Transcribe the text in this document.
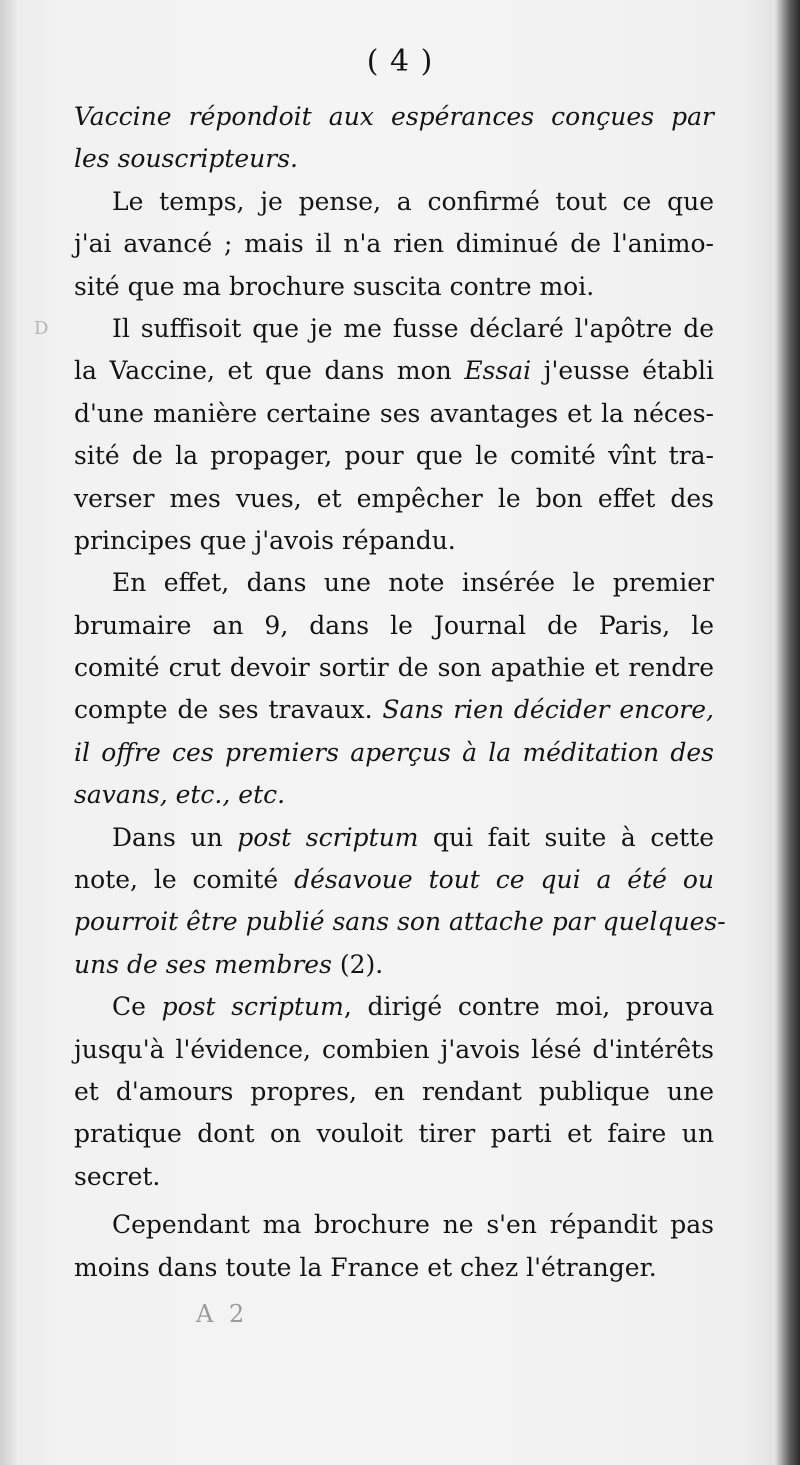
( 4 )
D
Vaccine répondoit aux espérances conçues par
les souscripteurs.
Le temps, je pense, a confirmé tout ce que
j'ai avancé ; mais il n'a rien diminué de l'animo-
sité que ma brochure suscita contre moi.
Il suffisoit que je me fusse déclaré l'apôtre de
la Vaccine, et que dans mon Essai j'eusse établi
d'une manière certaine ses avantages et la néces-
sité de la propager, pour que le comité vînt tra-
verser mes vues, et empêcher le bon effet des
principes que j'avois répandu.
En effet, dans une note insérée le premier
brumaire an 9, dans le Journal de Paris, le
comité crut devoir sortir de son apathie et rendre
compte de ses travaux. Sans rien décider encore,
il offre ces premiers aperçus à la méditation des
savans, etc., etc.
Dans un post scriptum qui fait suite à cette
note, le comité désavoue tout ce qui a été ou
pourroit être publié sans son attache par quelques-
uns de ses membres (2).
Ce post scriptum, dirigé contre moi, prouva
jusqu'à l'évidence, combien j'avois lésé d'intérêts
et d'amours propres, en rendant publique une
pratique dont on vouloit tirer parti et faire un
secret.
Cependant ma brochure ne s'en répandit pas
moins dans toute la France et chez l'étranger.
A 2
